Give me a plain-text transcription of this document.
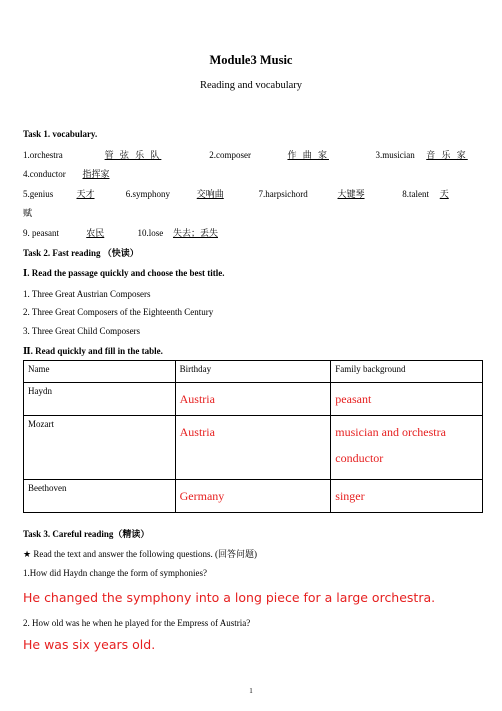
Module3 Music
Reading and vocabulary
Task 1. vocabulary.
1.orchestra	管 弦 乐 队	2.composer	作 曲 家	3.musician 音 乐 家
4.conductor 指挥家
5.genius	天才	6.symphony	交响曲	7.harpsichord	大键琴	8.talent 天
赋
9. peasant	农民	10.lose 失去；丢失
Task 2. Fast reading （快读）
Ⅰ. Read the passage quickly and choose the best title.
1. Three Great Austrian Composers
2. Three Great Composers of the Eighteenth Century
3. Three Great Child Composers
Ⅱ. Read quickly and fill in the table.
Name	Birthday	Family background
Haydn	Austria	peasant
Mozart	Austria	musician and orchestra conductor
Beethoven	Germany	singer
Task 3. Careful reading（精读）
★ Read the text and answer the following questions. (回答问题)
1.How did Haydn change the form of symphonies?
He changed the symphony into a long piece for a large orchestra.
2. How old was he when he played for the Empress of Austria?
He was six years old.
1
